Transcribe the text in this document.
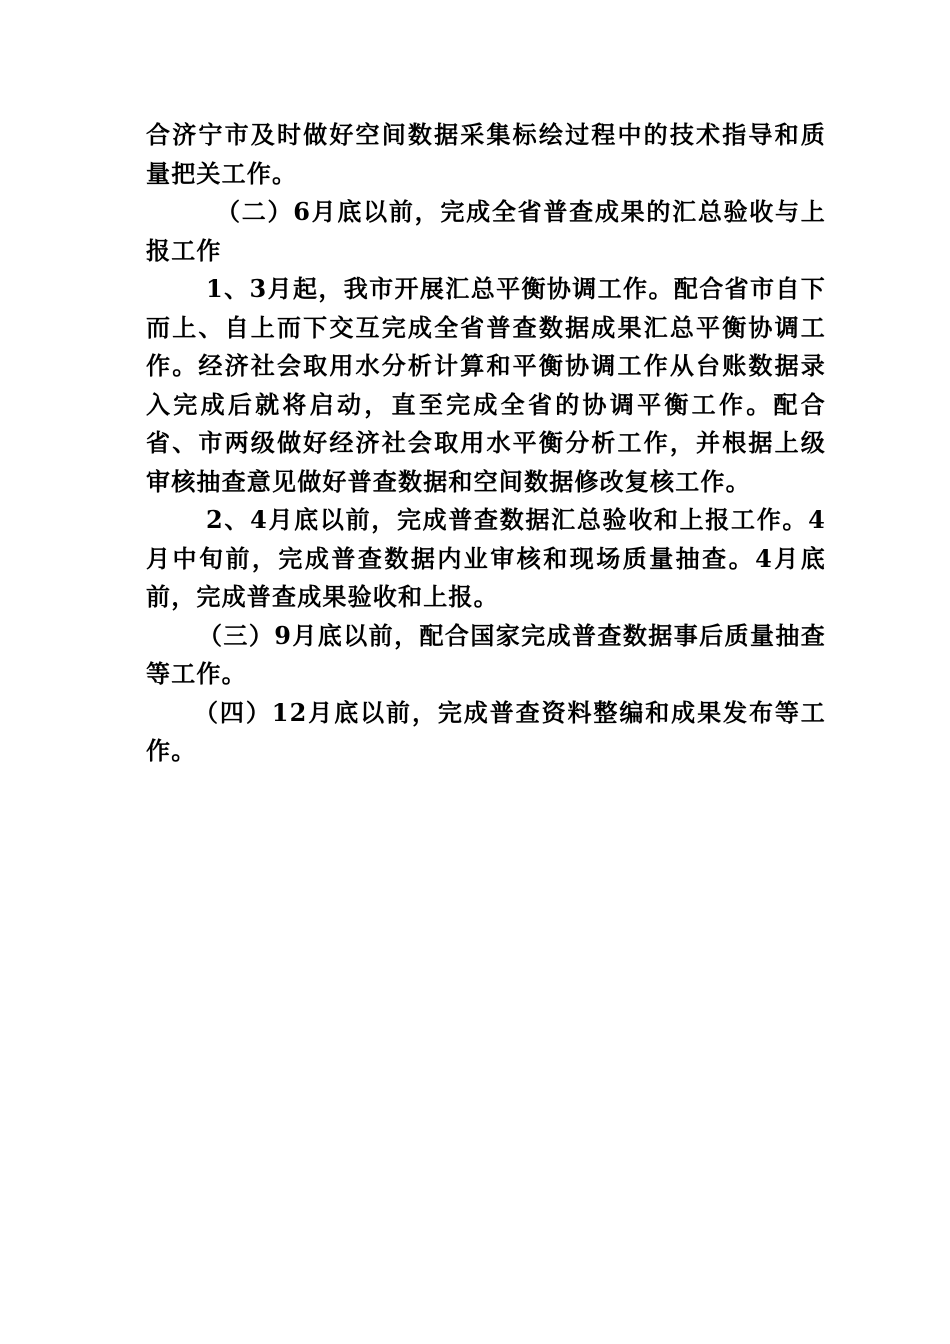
合济宁市及时做好空间数据采集标绘过程中的技术指导和质量把关工作。

（二）6月底以前，完成全省普查成果的汇总验收与上报工作

1、3月起，我市开展汇总平衡协调工作。配合省市自下而上、自上而下交互完成全省普查数据成果汇总平衡协调工作。经济社会取用水分析计算和平衡协调工作从台账数据录入完成后就将启动，直至完成全省的协调平衡工作。配合省、市两级做好经济社会取用水平衡分析工作，并根据上级审核抽查意见做好普查数据和空间数据修改复核工作。

2、4月底以前，完成普查数据汇总验收和上报工作。4月中旬前，完成普查数据内业审核和现场质量抽查。4月底前，完成普查成果验收和上报。

（三）9月底以前，配合国家完成普查数据事后质量抽查等工作。

（四）12月底以前，完成普查资料整编和成果发布等工作。
